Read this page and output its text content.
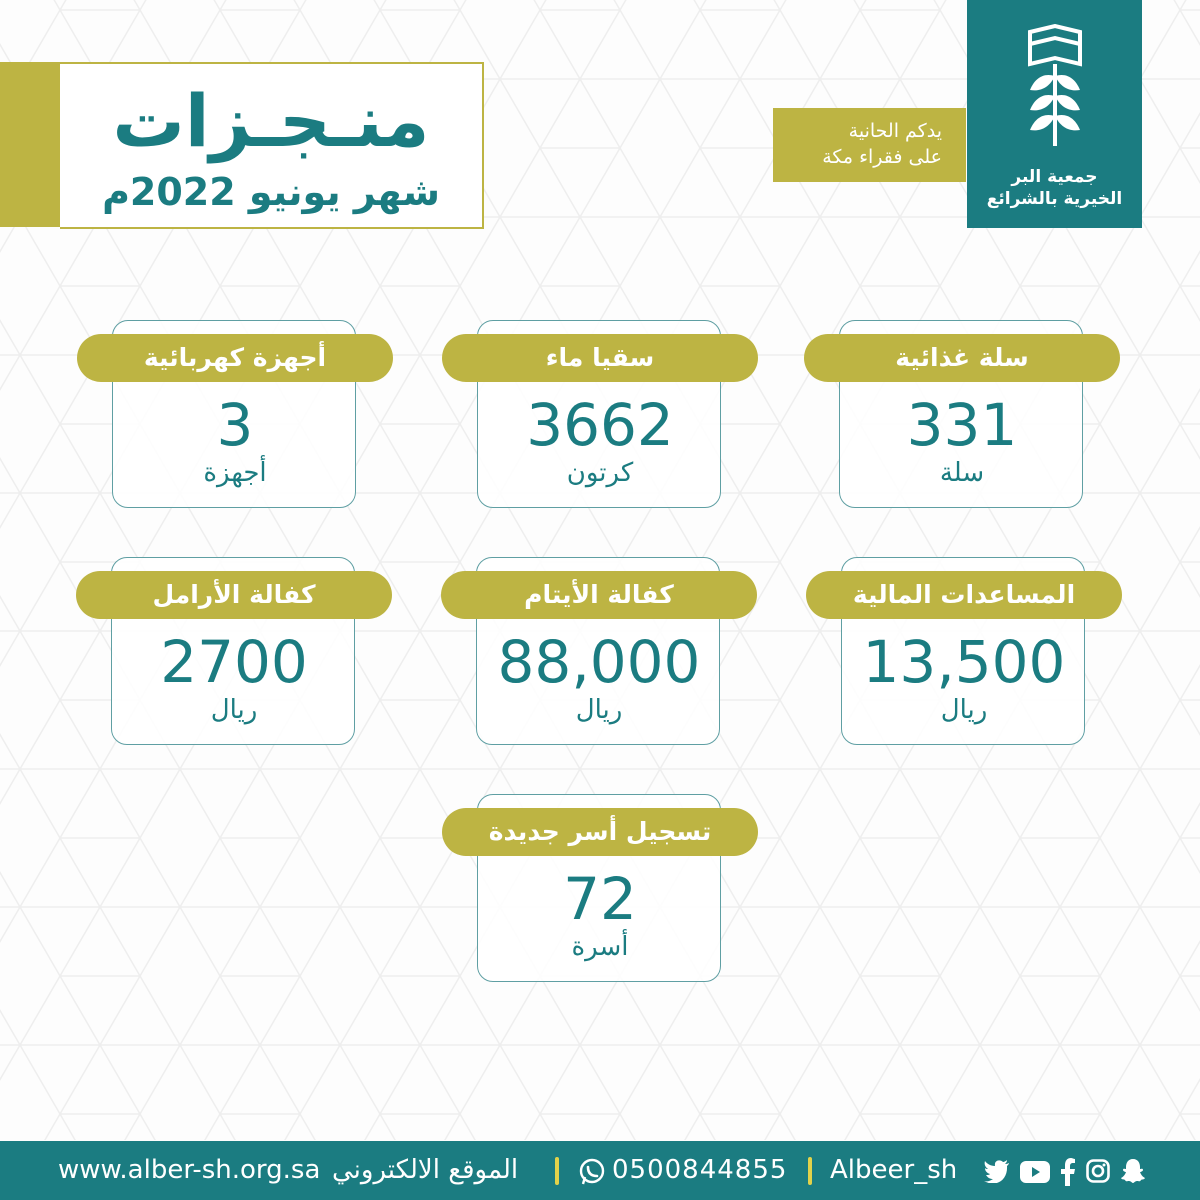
منـجـزات
شهر يونيو 2022م
يدكم الحانية
على فقراء مكة
جمعية البر
الخيرية بالشرائع
سلة غذائية
331
سلة
سقيا ماء
3662
كرتون
أجهزة كهربائية
3
أجهزة
المساعدات المالية
13,500
ريال
كفالة الأيتام
88,000
ريال
كفالة الأرامل
2700
ريال
تسجيل أسر جديدة
72
أسرة
www.alber-sh.org.sa الموقع الالكتروني	0500844855 Albeer_sh
